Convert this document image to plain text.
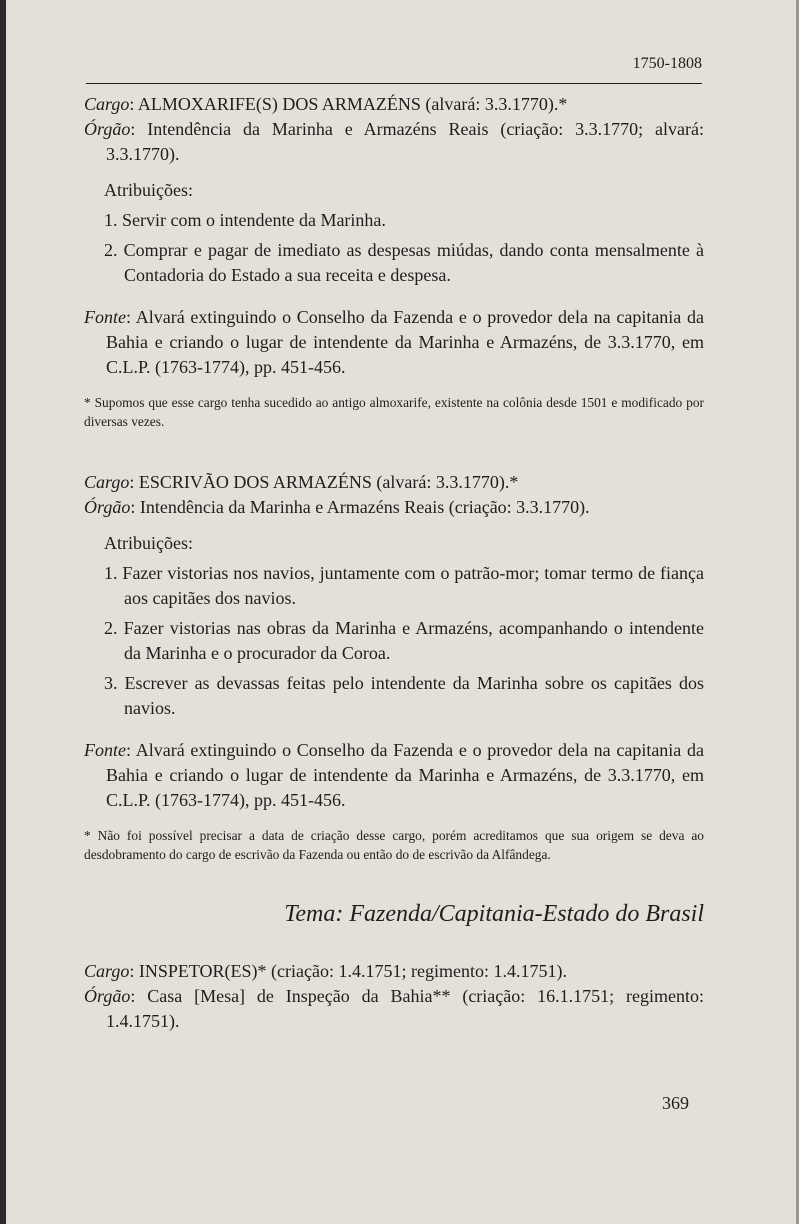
1750-1808

Cargo: ALMOXARIFE(S) DOS ARMAZÉNS (alvará: 3.3.1770).*

Órgão: Intendência da Marinha e Armazéns Reais (criação: 3.3.1770; alvará: 3.3.1770).

Atribuições:

1. Servir com o intendente da Marinha.

2. Comprar e pagar de imediato as despesas miúdas, dando conta mensalmente à Contadoria do Estado a sua receita e despesa.

Fonte: Alvará extinguindo o Conselho da Fazenda e o provedor dela na capitania da Bahia e criando o lugar de intendente da Marinha e Armazéns, de 3.3.1770, em C.L.P. (1763-1774), pp. 451-456.

* Supomos que esse cargo tenha sucedido ao antigo almoxarife, existente na colônia desde 1501 e modificado por diversas vezes.

Cargo: ESCRIVÃO DOS ARMAZÉNS (alvará: 3.3.1770).*

Órgão: Intendência da Marinha e Armazéns Reais (criação: 3.3.1770).

Atribuições:

1. Fazer vistorias nos navios, juntamente com o patrão-mor; tomar termo de fiança aos capitães dos navios.

2. Fazer vistorias nas obras da Marinha e Armazéns, acompanhando o intendente da Marinha e o procurador da Coroa.

3. Escrever as devassas feitas pelo intendente da Marinha sobre os capitães dos navios.

Fonte: Alvará extinguindo o Conselho da Fazenda e o provedor dela na capitania da Bahia e criando o lugar de intendente da Marinha e Armazéns, de 3.3.1770, em C.L.P. (1763-1774), pp. 451-456.

* Não foi possível precisar a data de criação desse cargo, porém acreditamos que sua origem se deva ao desdobramento do cargo de escrivão da Fazenda ou então do de escrivão da Alfândega.

Tema: Fazenda/Capitania-Estado do Brasil

Cargo: INSPETOR(ES)* (criação: 1.4.1751; regimento: 1.4.1751).

Órgão: Casa [Mesa] de Inspeção da Bahia** (criação: 16.1.1751; regimento: 1.4.1751).

369
